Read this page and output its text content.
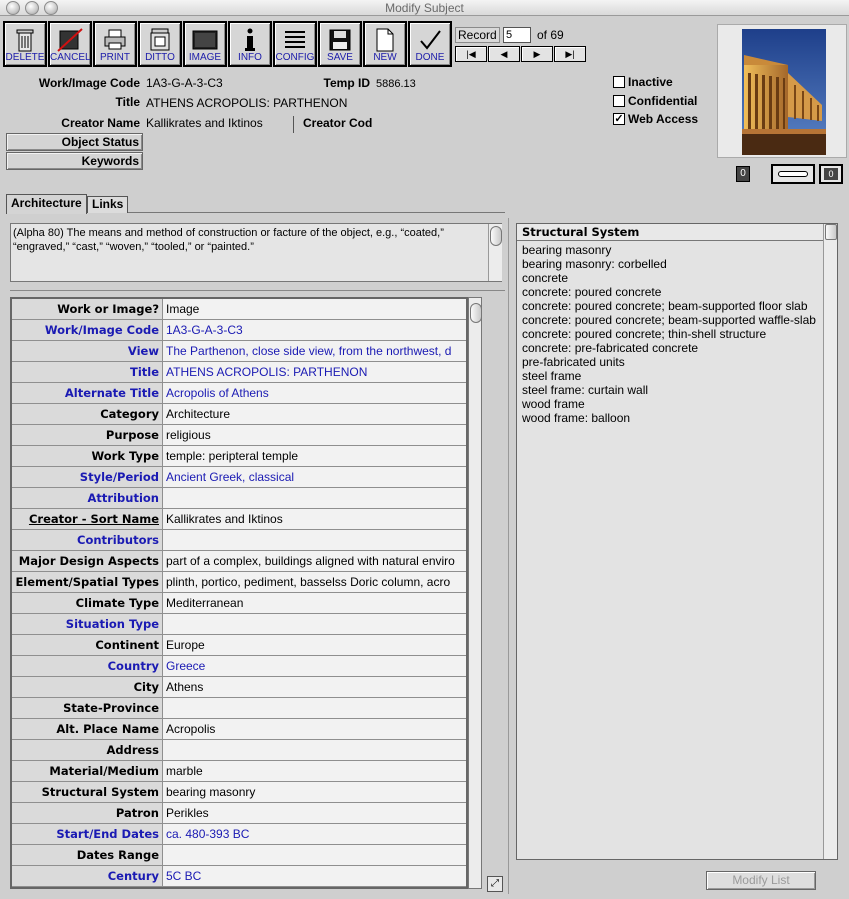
Modify Subject
DELETE CANCEL PRINT	DITTO	IMAGE	INFO	CONFIG	SAVE	NEW	DONE
Record
5	of 69
|◀	◀	▶	▶|
Work/Image Code 1A3-G-A-3-C3	Temp ID 5886.13
Title ATHENS ACROPOLIS: PARTHENON
Creator Name Kallikrates and Iktinos	Creator Cod
Object Status
Keywords
Inactive
Confidential
✓ Web Access
0	0
Architecture Links
(Alpha 80) The means and method of construction or facture of the object, e.g., “coated,” “engraved,” “cast,” “woven,” “tooled,” or “painted.”
Work or Image? Image
Work/Image Code 1A3-G-A-3-C3
View The Parthenon, close side view, from the northwest, d
Title ATHENS ACROPOLIS: PARTHENON
Alternate Title Acropolis of Athens
Category Architecture
Purpose religious
Work Type temple: peripteral temple
Style/Period Ancient Greek, classical
Attribution
Creator - Sort Name Kallikrates and Iktinos
Contributors
Major Design Aspects part of a complex, buildings aligned with natural enviro
Element/Spatial Types plinth, portico, pediment, basselss Doric column, acro
Climate Type Mediterranean
Situation Type
Continent Europe
Country Greece
City Athens
State-Province
Alt. Place Name Acropolis
Address
Material/Medium marble
Structural System bearing masonry
Patron Perikles
Start/End Dates ca. 480-393 BC
Dates Range
Century 5C BC
⤢
Structural System
bearing masonry
bearing masonry: corbelled
concrete
concrete: poured concrete
concrete: poured concrete; beam-supported floor slab
concrete: poured concrete; beam-supported waffle-slab
concrete: poured concrete; thin-shell structure
concrete: pre-fabricated concrete
pre-fabricated units
steel frame
steel frame: curtain wall
wood frame
wood frame: balloon
Modify List
